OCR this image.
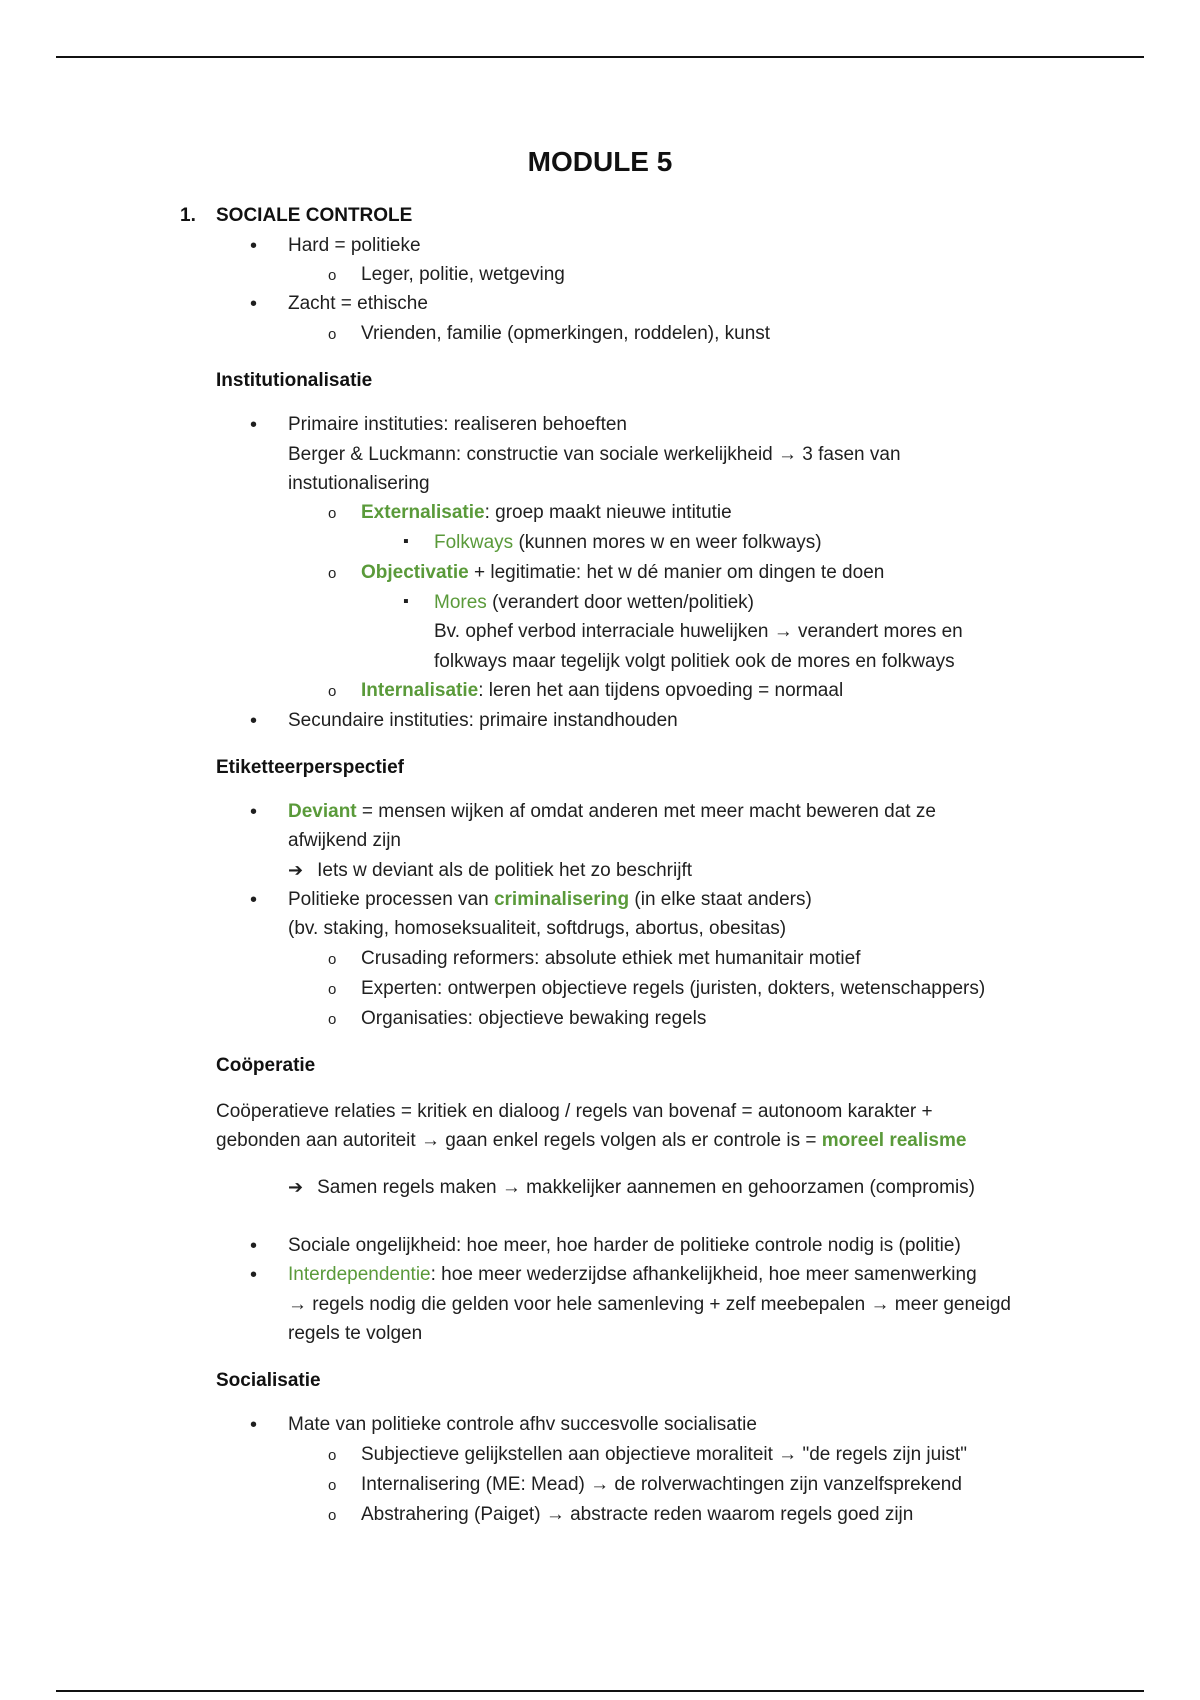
MODULE 5
1. SOCIALE CONTROLE
• Hard = politieke
o Leger, politie, wetgeving
• Zacht = ethische
o Vrienden, familie (opmerkingen, roddelen), kunst
Institutionalisatie
• Primaire instituties: realiseren behoeften
Berger & Luckmann: constructie van sociale werkelijkheid → 3 fasen van
instutionalisering
o Externalisatie: groep maakt nieuwe intitutie
▪ Folkways (kunnen mores w en weer folkways)
o Objectivatie + legitimatie: het w dé manier om dingen te doen
▪ Mores (verandert door wetten/politiek)
Bv. ophef verbod interraciale huwelijken → verandert mores en
folkways maar tegelijk volgt politiek ook de mores en folkways
o Internalisatie: leren het aan tijdens opvoeding = normaal
• Secundaire instituties: primaire instandhouden
Etiketteerperspectief
• Deviant = mensen wijken af omdat anderen met meer macht beweren dat ze
afwijkend zijn
➔ Iets w deviant als de politiek het zo beschrijft
• Politieke processen van criminalisering (in elke staat anders)
(bv. staking, homoseksualiteit, softdrugs, abortus, obesitas)
o Crusading reformers: absolute ethiek met humanitair motief
o Experten: ontwerpen objectieve regels (juristen, dokters, wetenschappers)
o Organisaties: objectieve bewaking regels
Coöperatie
Coöperatieve relaties = kritiek en dialoog / regels van bovenaf = autonoom karakter +
gebonden aan autoriteit → gaan enkel regels volgen als er controle is = moreel realisme
➔ Samen regels maken → makkelijker aannemen en gehoorzamen (compromis)
• Sociale ongelijkheid: hoe meer, hoe harder de politieke controle nodig is (politie)
• Interdependentie: hoe meer wederzijdse afhankelijkheid, hoe meer samenwerking
→ regels nodig die gelden voor hele samenleving + zelf meebepalen → meer geneigd
regels te volgen
Socialisatie
• Mate van politieke controle afhv succesvolle socialisatie
o Subjectieve gelijkstellen aan objectieve moraliteit → "de regels zijn juist"
o Internalisering (ME: Mead) → de rolverwachtingen zijn vanzelfsprekend
o Abstrahering (Paiget) → abstracte reden waarom regels goed zijn
